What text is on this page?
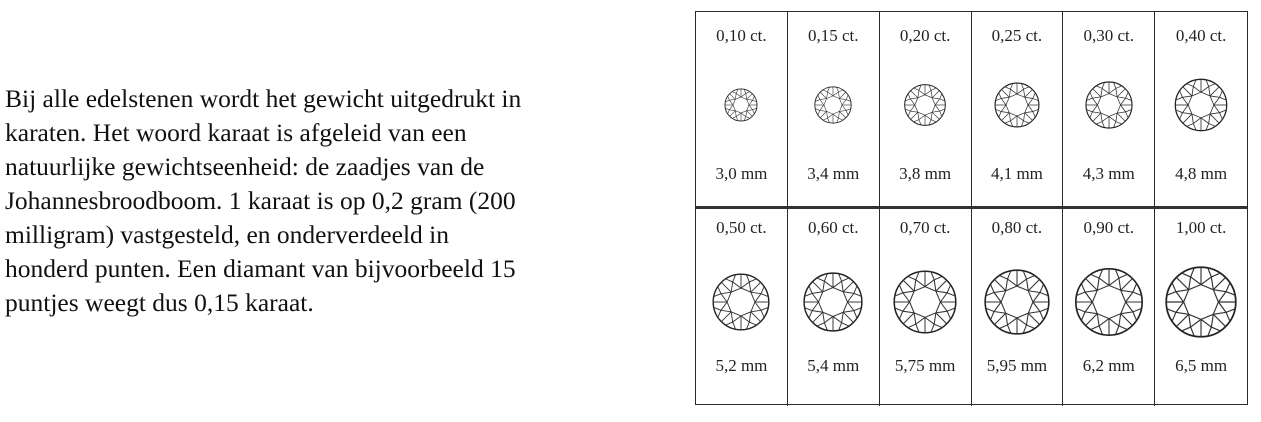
Bij alle edelstenen wordt het gewicht uitgedrukt in
karaten. Het woord karaat is afgeleid van een
natuurlijke gewichtseenheid: de zaadjes van de
Johannesbroodboom. 1 karaat is op 0,2 gram (200
milligram) vastgesteld, en onderverdeeld in
honderd punten. Een diamant van bijvoorbeeld 15
puntjes weegt dus 0,15 karaat.
0,10 ct.
3,0 mm
0,15 ct.
3,4 mm
0,20 ct.
3,8 mm
0,25 ct.
4,1 mm
0,30 ct.
4,3 mm
0,40 ct.
4,8 mm
0,50 ct.
5,2 mm
0,60 ct.
5,4 mm
0,70 ct.
5,75 mm
0,80 ct.
5,95 mm
0,90 ct.
6,2 mm
1,00 ct.
6,5 mm
